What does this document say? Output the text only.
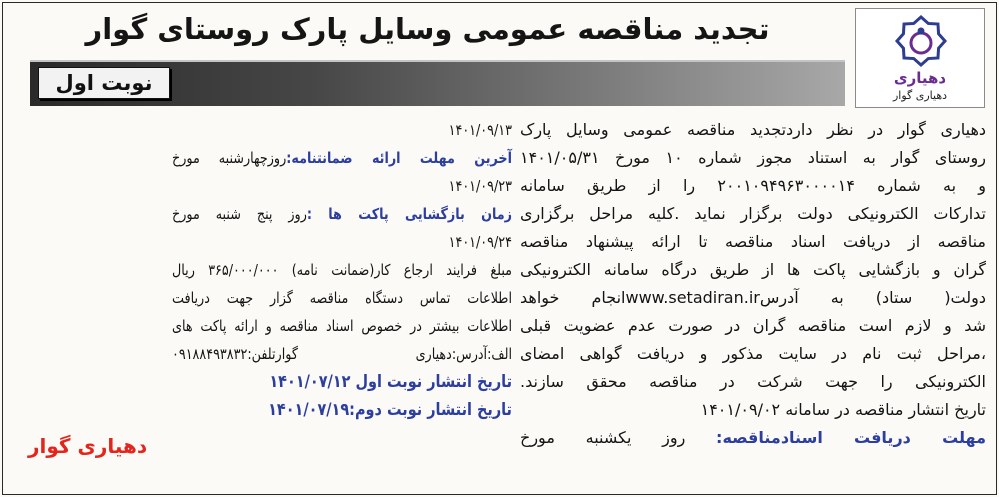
تجدید مناقصه عمومی وسایل پارک روستای گوار
دهیاری
دهیاری گوار
نوبت اول
دهیاری گوار در نظر داردتجدید مناقصه عمومی وسایل پارک
روستای گوار به استناد مجوز شماره ۱۰ مورخ ۱۴۰۱/۰۵/۳۱
و به شماره ۲۰۰۱۰۹۴۹۶۳۰۰۰۰۱۴ را از طریق سامانه
تدارکات الکترونیکی دولت برگزار نماید .کلیه مراحل برگزاری
مناقصه از دریافت اسناد مناقصه تا ارائه پیشنهاد مناقصه
گران و بازگشایی پاکت ها از طریق درگاه سامانه الکترونیکی
دولت( ستاد) به آدرسwww.setadiran.irانجام خواهد
شد و لازم است مناقصه گران در صورت عدم عضویت قبلی
،مراحل ثبت نام در سایت مذکور و دریافت گواهی امضای
الکترونیکی را جهت شرکت در مناقصه محقق سازند.
تاریخ انتشار مناقصه در سامانه ۱۴۰۱/۰۹/۰۲
مهلت دریافت اسنادمناقصه: روز یکشنبه مورخ
۱۴۰۱/۰۹/۱۳
آخرین مهلت ارائه ضمانتنامه:روزچهارشنبه مورخ
۱۴۰۱/۰۹/۲۳
زمان بازگشایی پاکت ها :روز پنج شنبه مورخ
۱۴۰۱/۰۹/۲۴
مبلغ فرایند ارجاع کار(ضمانت نامه) ۳۶۵/۰۰۰/۰۰۰ ریال
اطلاعات تماس دستگاه مناقصه گزار جهت دریافت
اطلاعات بیشتر در خصوص اسناد مناقصه و ارائه پاکت های
الف:آدرس:دهیاری گوارتلفن:۰۹۱۸۸۴۹۳۸۳۲
تاریخ انتشار نوبت اول ۱۴۰۱/۰۷/۱۲
تاریخ انتشار نوبت دوم:۱۴۰۱/۰۷/۱۹
دهیاری گوار
